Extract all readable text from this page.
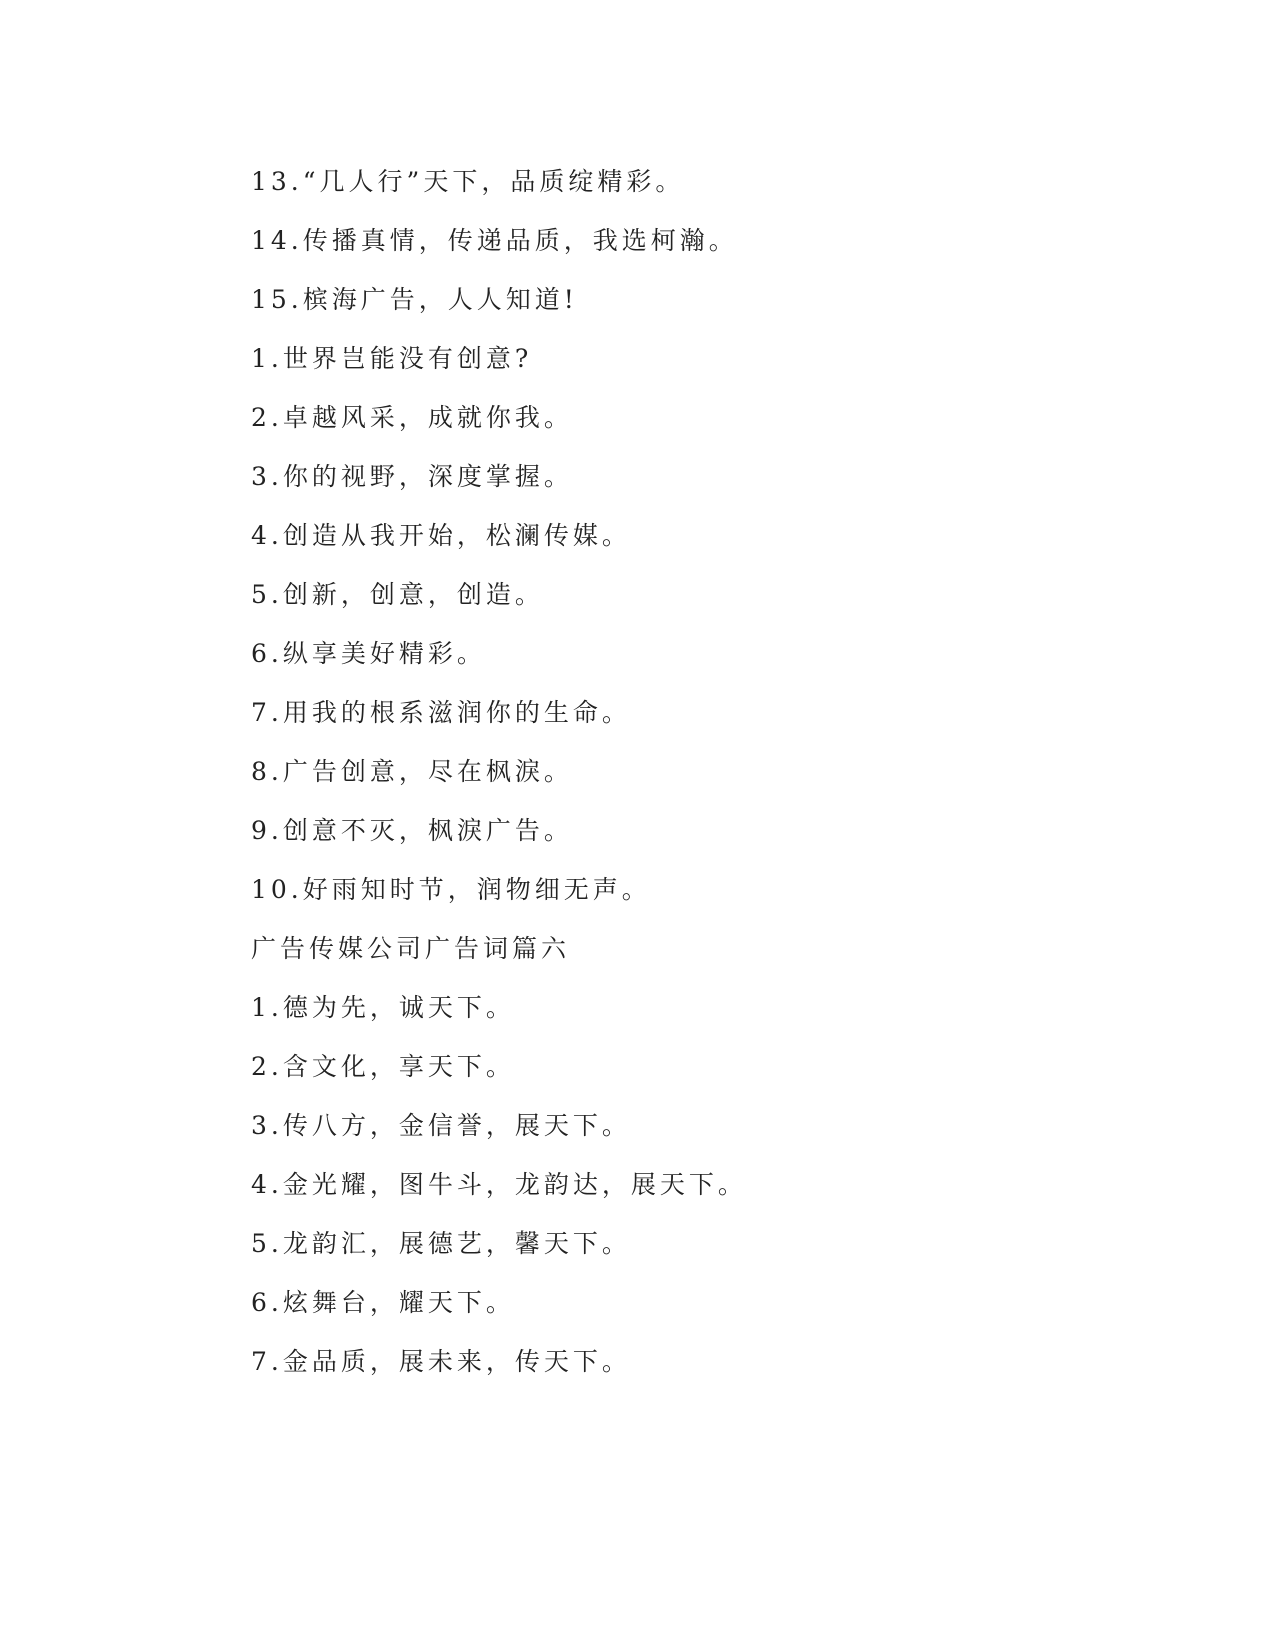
13.“几人行”天下，品质绽精彩。
14.传播真情，传递品质，我选柯瀚。
15.槟海广告，人人知道!
1.世界岂能没有创意?
2.卓越风采，成就你我。
3.你的视野，深度掌握。
4.创造从我开始，松澜传媒。
5.创新，创意，创造。
6.纵享美好精彩。
7.用我的根系滋润你的生命。
8.广告创意，尽在枫淚。
9.创意不灭，枫淚广告。
10.好雨知时节，润物细无声。
广告传媒公司广告词篇六
1.德为先，诚天下。
2.含文化，享天下。
3.传八方，金信誉，展天下。
4.金光耀，图牛斗，龙韵达，展天下。
5.龙韵汇，展德艺，馨天下。
6.炫舞台，耀天下。
7.金品质，展未来，传天下。
